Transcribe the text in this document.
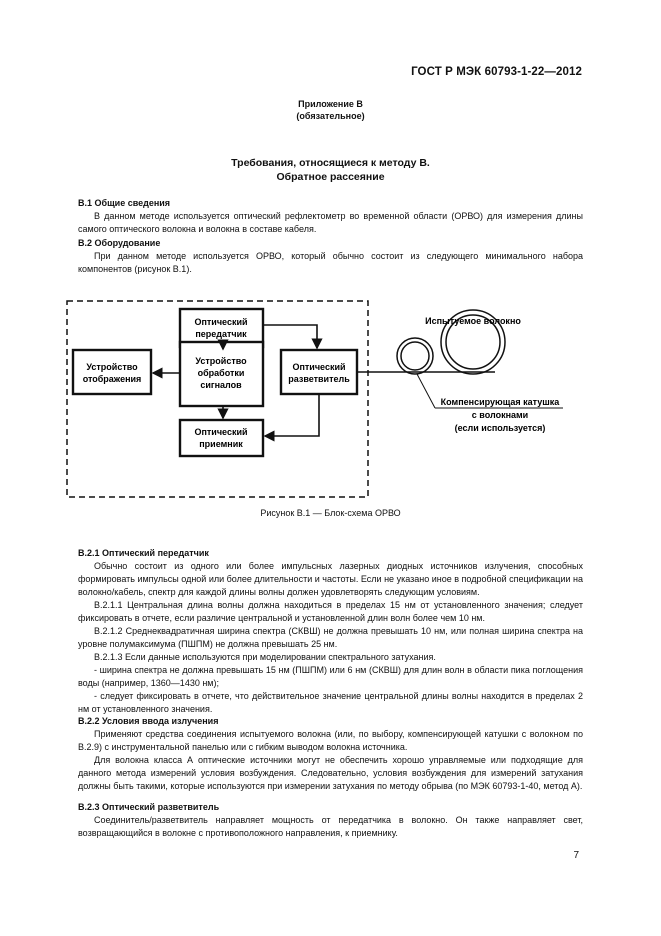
ГОСТ Р МЭК 60793-1-22—2012
Приложение В
(обязательное)
Требования, относящиеся к методу В.
Обратное рассеяние
В.1 Общие сведения

В данном методе используется оптический рефлектометр во временной области (ОРВО) для измерения длины самого оптического волокна и волокна в составе кабеля.

В.2 Оборудование

При данном методе используется ОРВО, который обычно состоит из следующего минимального набора компонентов (рисунок В.1).

Оптический
передатчик
Устройство
отображения
Устройство
обработки
сигналов
Оптический
разветвитель
Оптический
приемник
Испытуемое волокно
Компенсирующая катушка
с волокнами
(если используется)
Рисунок В.1 — Блок-схема ОРВО
В.2.1 Оптический передатчик

Обычно состоит из одного или более импульсных лазерных диодных источников излучения, способных формировать импульсы одной или более длительности и частоты. Если не указано иное в подробной спецификации на волокно/кабель, спектр для каждой длины волны должен удовлетворять следующим условиям.

В.2.1.1 Центральная длина волны должна находиться в пределах 15 нм от установленного значения; следует фиксировать в отчете, если различие центральной и установленной длин волн более чем 10 нм.

В.2.1.2 Среднеквадратичная ширина спектра (СКВШ) не должна превышать 10 нм, или полная ширина спектра на уровне полумаксимума (ПШПМ) не должна превышать 25 нм.

В.2.1.3 Если данные используются при моделировании спектрального затухания.

- ширина спектра не должна превышать 15 нм (ПШПМ) или 6 нм (СКВШ) для длин волн в области пика поглощения воды (например, 1360—1430 нм);

- следует фиксировать в отчете, что действительное значение центральной длины волны находится в пределах 2 нм от установленного значения.

В.2.2 Условия ввода излучения

Применяют средства соединения испытуемого волокна (или, по выбору, компенсирующей катушки с волокном по В.2.9) с инструментальной панелью или с гибким выводом волокна источника.

Для волокна класса А оптические источники могут не обеспечить хорошо управляемые или подходящие для данного метода измерений условия возбуждения. Следовательно, условия возбуждения для измерений затухания должны быть такими, которые используются при измерении затухания по методу обрыва (по МЭК 60793-1-40, метод А).

В.2.3 Оптический разветвитель

Соединитель/разветвитель направляет мощность от передатчика в волокно. Он также направляет свет, возвращающийся в волокне с противоположного направления, к приемнику.

7
